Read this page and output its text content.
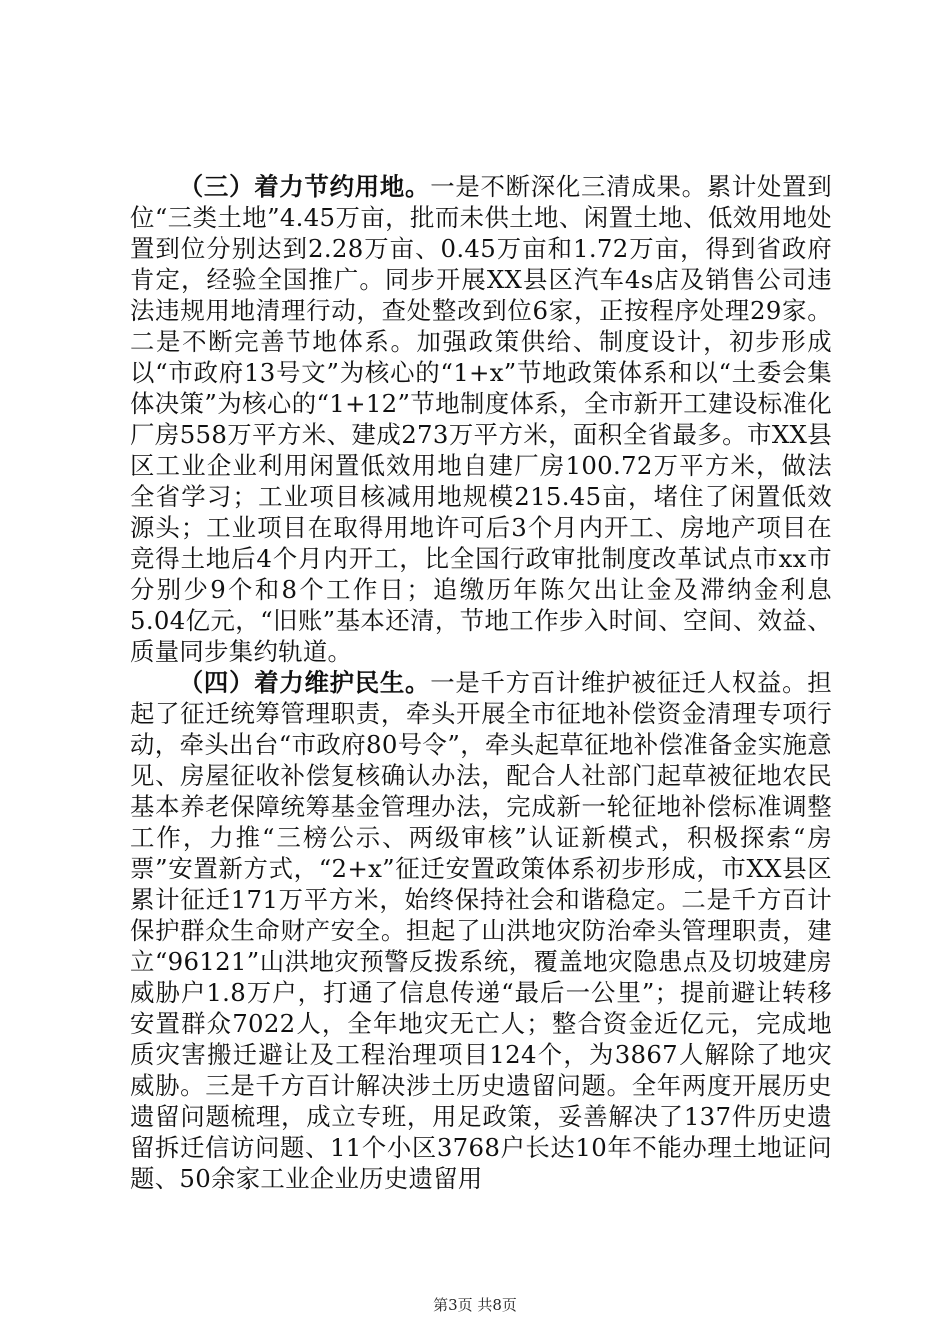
（三）着力节约用地。一是不断深化三清成果。累计处置到位“三类土地”4.45万亩，批而未供土地、闲置土地、低效用地处置到位分别达到2.28万亩、0.45万亩和1.72万亩，得到省政府肯定，经验全国推广。同步开展XX县区汽车4s店及销售公司违法违规用地清理行动，查处整改到位6家，正按程序处理29家。二是不断完善节地体系。加强政策供给、制度设计，初步形成以“市政府13号文”为核心的“1+x”节地政策体系和以“土委会集体决策”为核心的“1+12”节地制度体系，全市新开工建设标准化厂房558万平方米、建成273万平方米，面积全省最多。市XX县区工业企业利用闲置低效用地自建厂房100.72万平方米，做法全省学习；工业项目核减用地规模215.45亩，堵住了闲置低效源头；工业项目在取得用地许可后3个月内开工、房地产项目在竞得土地后4个月内开工，比全国行政审批制度改革试点市xx市分别少9个和8个工作日；追缴历年陈欠出让金及滞纳金利息5.04亿元，“旧账”基本还清，节地工作步入时间、空间、效益、质量同步集约轨道。

（四）着力维护民生。一是千方百计维护被征迁人权益。担起了征迁统筹管理职责，牵头开展全市征地补偿资金清理专项行动，牵头出台“市政府80号令”，牵头起草征地补偿准备金实施意见、房屋征收补偿复核确认办法，配合人社部门起草被征地农民基本养老保障统筹基金管理办法，完成新一轮征地补偿标准调整工作，力推“三榜公示、两级审核”认证新模式，积极探索“房票”安置新方式，“2+x”征迁安置政策体系初步形成，市XX县区累计征迁171万平方米，始终保持社会和谐稳定。二是千方百计保护群众生命财产安全。担起了山洪地灾防治牵头管理职责，建立“96121”山洪地灾预警反拨系统，覆盖地灾隐患点及切坡建房威胁户1.8万户，打通了信息传递“最后一公里”；提前避让转移安置群众7022人，全年地灾无亡人；整合资金近亿元，完成地质灾害搬迁避让及工程治理项目124个，为3867人解除了地灾威胁。三是千方百计解决涉土历史遗留问题。全年两度开展历史遗留问题梳理，成立专班，用足政策，妥善解决了137件历史遗留拆迁信访问题、11个小区3768户长达10年不能办理土地证问题、50余家工业企业历史遗留用

第3页 共8页
